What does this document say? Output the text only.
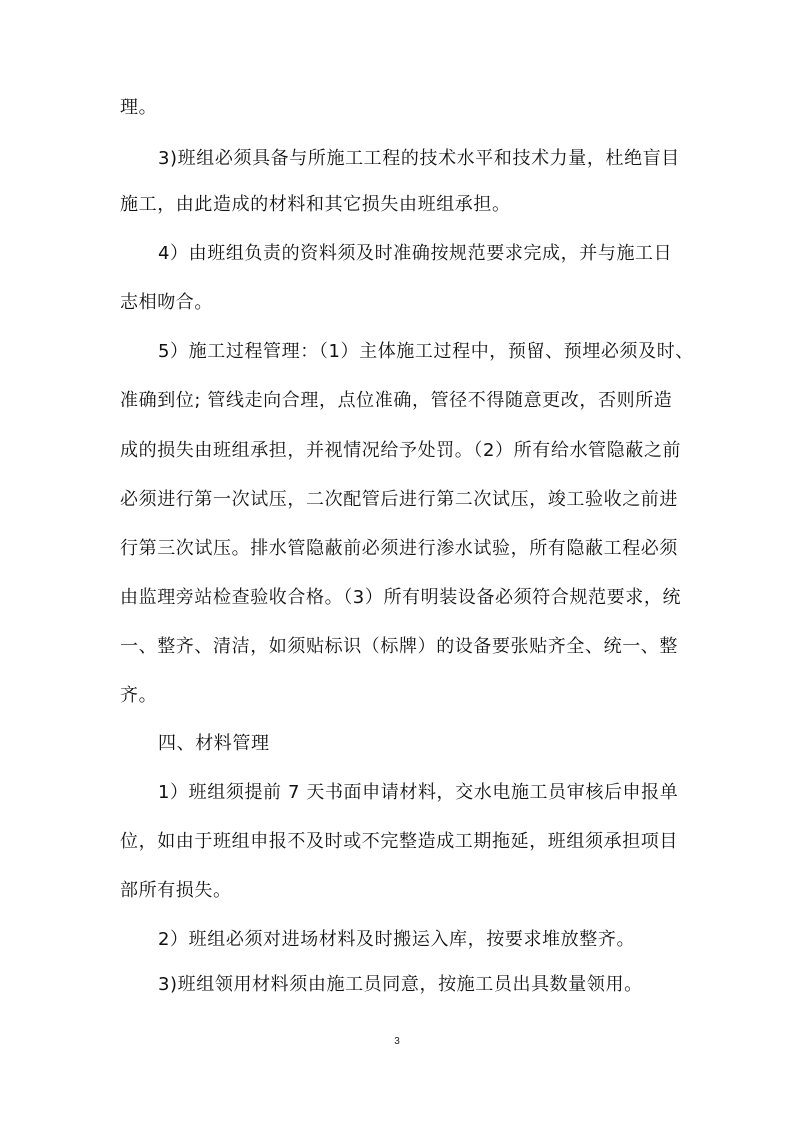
理。
3)班组必须具备与所施工工程的技术水平和技术力量，杜绝盲目
施工，由此造成的材料和其它损失由班组承担。
4）由班组负责的资料须及时准确按规范要求完成，并与施工日
志相吻合。
5）施工过程管理：（1）主体施工过程中，预留、预埋必须及时、
准确到位; 管线走向合理，点位准确，管径不得随意更改，否则所造
成的损失由班组承担，并视情况给予处罚。（2）所有给水管隐蔽之前
必须进行第一次试压，二次配管后进行第二次试压，竣工验收之前进
行第三次试压。排水管隐蔽前必须进行渗水试验，所有隐蔽工程必须
由监理旁站检查验收合格。（3）所有明装设备必须符合规范要求，统
一、整齐、清洁，如须贴标识（标牌）的设备要张贴齐全、统一、整
齐。
四、材料管理
1）班组须提前 7 天书面申请材料，交水电施工员审核后申报单
位，如由于班组申报不及时或不完整造成工期拖延，班组须承担项目
部所有损失。
2）班组必须对进场材料及时搬运入库，按要求堆放整齐。
3)班组领用材料须由施工员同意，按施工员出具数量领用。
3
